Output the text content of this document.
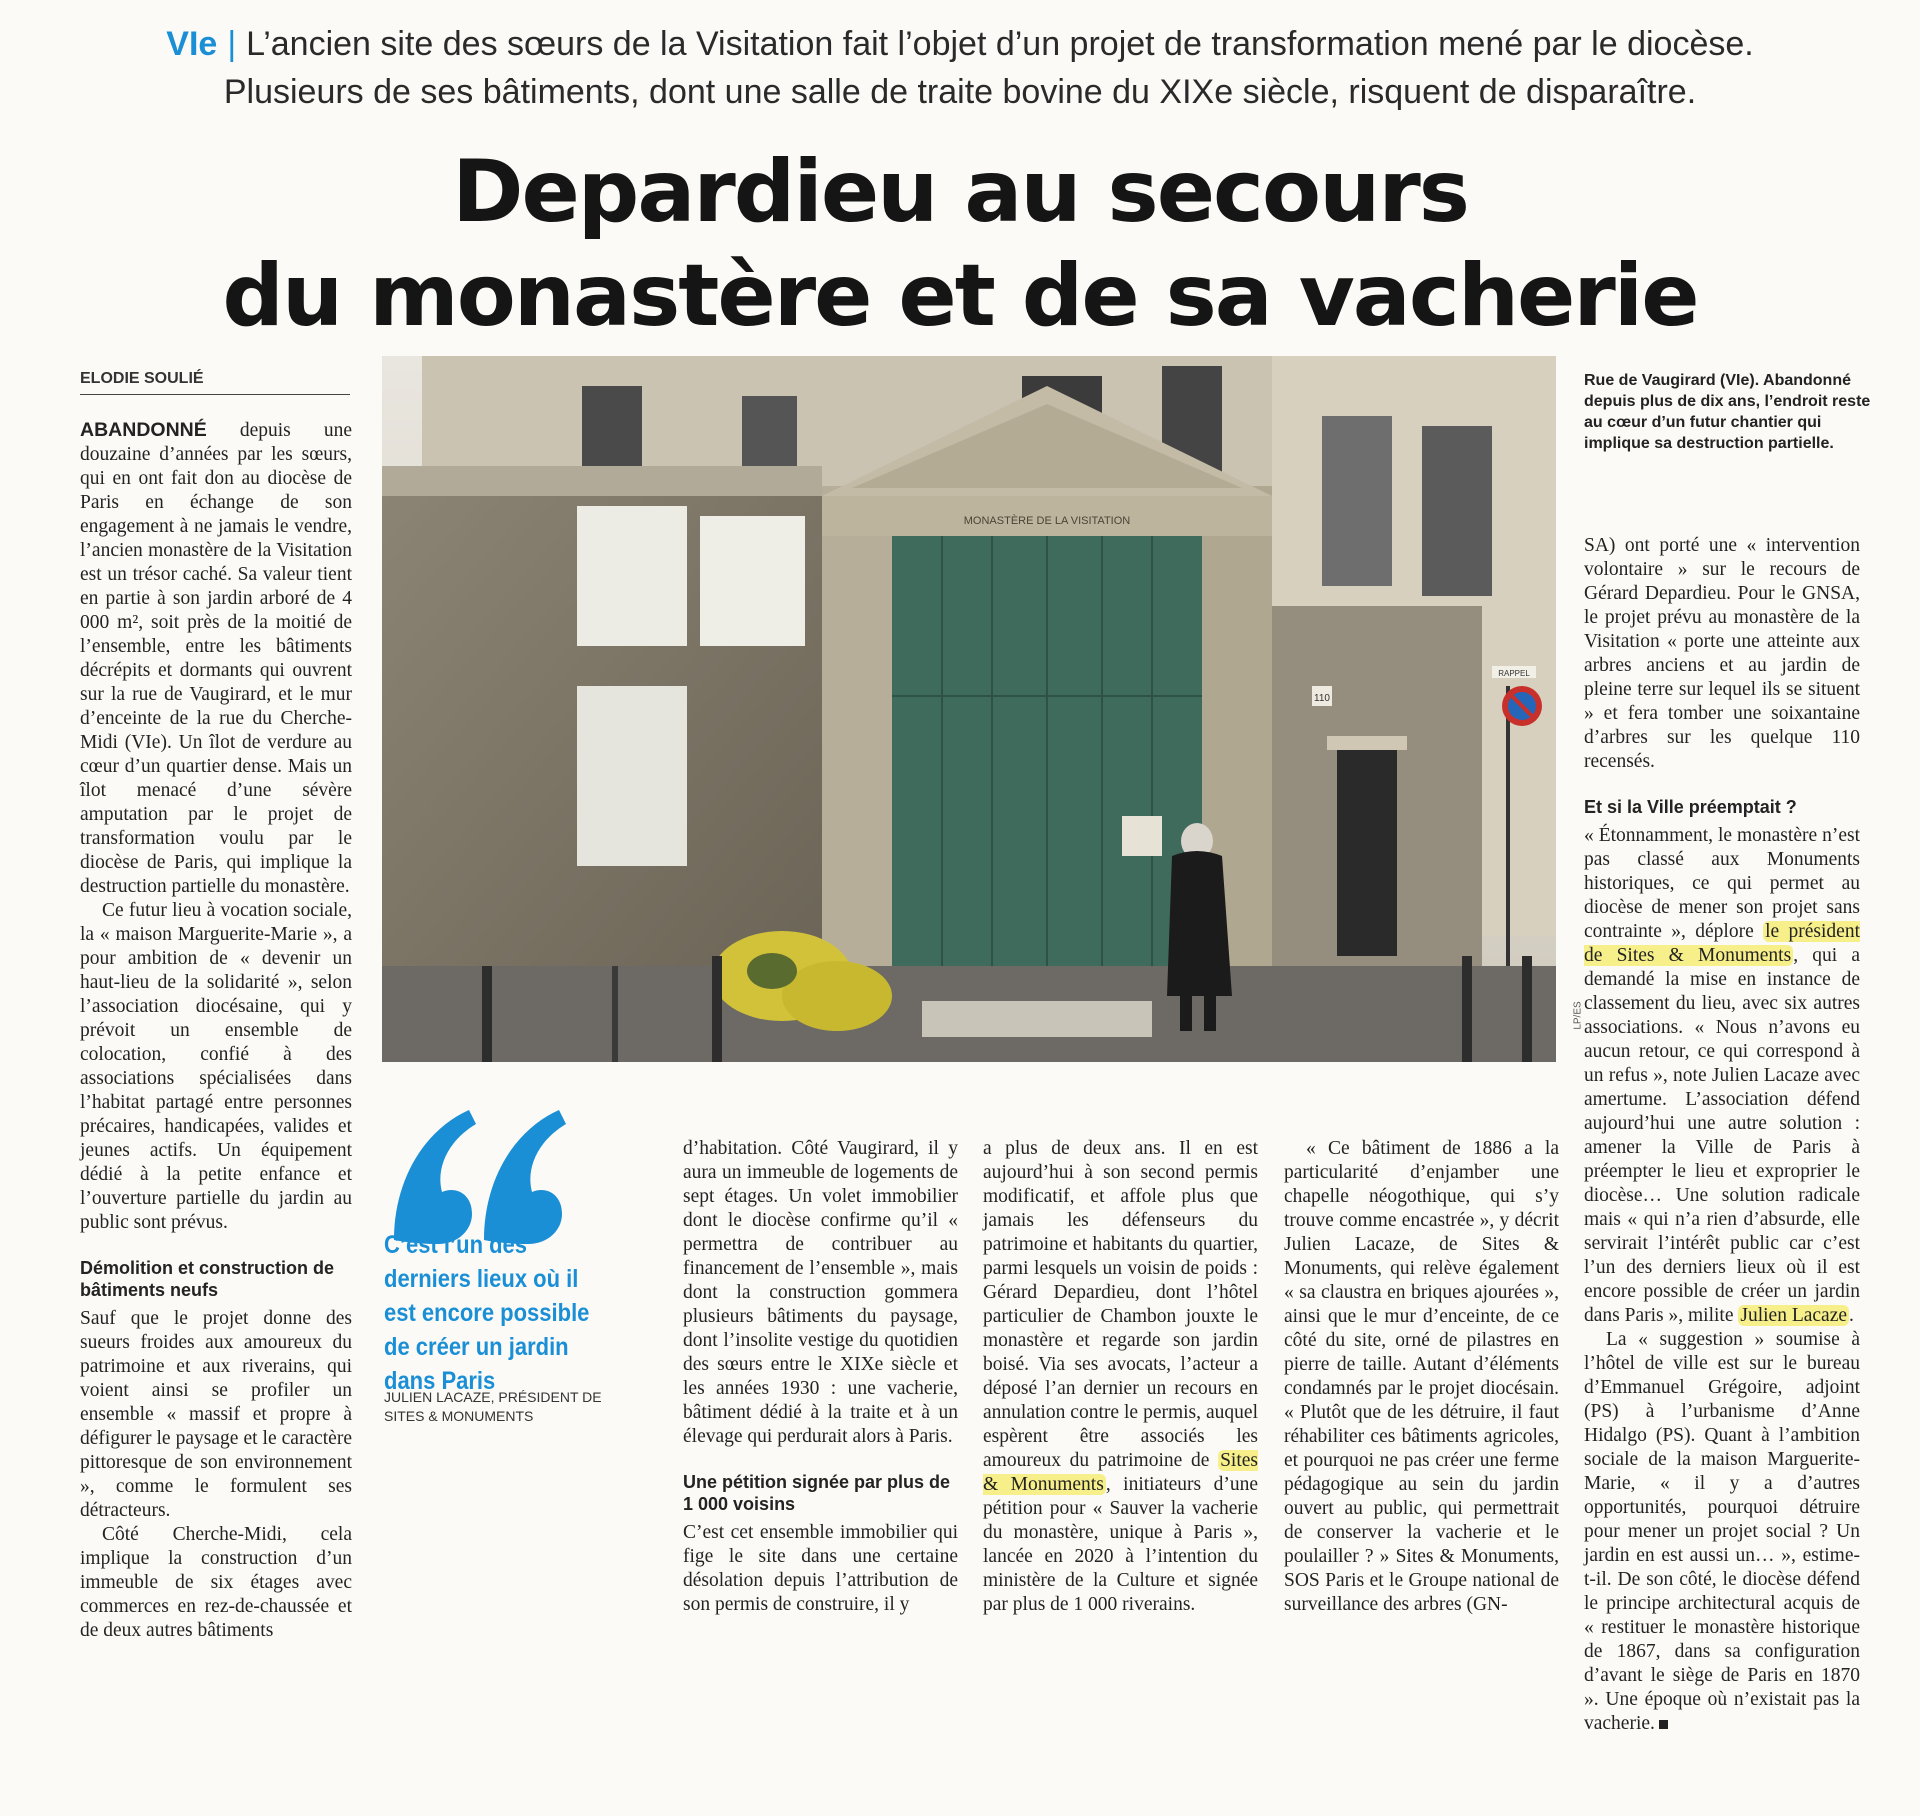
VIe | L’ancien site des sœurs de la Visitation fait l’objet d’un projet de transformation mené par le diocèse.
Plusieurs de ses bâtiments, dont une salle de traite bovine du XIXe siècle, risquent de disparaître.
Depardieu au secours
du monastère et de sa vacherie
ELODIE SOULIÉ

ABANDONNÉ depuis une douzaine d’années par les sœurs, qui en ont fait don au diocèse de Paris en échange de son engagement à ne jamais le vendre, l’ancien monastère de la Visitation est un trésor caché. Sa valeur tient en partie à son jardin arboré de 4 000 m², soit près de la moitié de l’ensemble, entre les bâtiments décrépits et dormants qui ouvrent sur la rue de Vaugirard, et le mur d’enceinte de la rue du Cherche-Midi (VIe). Un îlot de verdure au cœur d’un quartier dense. Mais un îlot menacé d’une sévère amputation par le projet de transformation voulu par le diocèse de Paris, qui implique la destruction partielle du monastère.

Ce futur lieu à vocation sociale, la « maison Marguerite-Marie », a pour ambition de « devenir un haut-lieu de la solidarité », selon l’association diocésaine, qui y prévoit un ensemble de colocation, confié à des associations spécialisées dans l’habitat partagé entre personnes précaires, handicapées, valides et jeunes actifs. Un équipement dédié à la petite enfance et l’ouverture partielle du jardin au public sont prévus.

Démolition et construction de bâtiments neufs

Sauf que le projet donne des sueurs froides aux amoureux du patrimoine et aux riverains, qui voient ainsi se profiler un ensemble « massif et propre à défigurer le paysage et le caractère pittoresque de son environnement », comme le formulent ses détracteurs.

Côté Cherche-Midi, cela implique la construction d’un immeuble de six étages avec commerces en rez-de-chaussée et de deux autres bâtiments

MONASTÈRE DE LA VISITATION
110
RAPPEL
LP/ES
Rue de Vaugirard (VIe). Abandonné depuis plus de dix ans, l’endroit reste au cœur d’un futur chantier qui implique sa destruction partielle.
C’est l’un des derniers lieux où il est encore possible de créer un jardin dans Paris
JULIEN LACAZE, PRÉSIDENT DE SITES & MONUMENTS

d’habitation. Côté Vaugirard, il y aura un immeuble de logements de sept étages. Un volet immobilier dont le diocèse confirme qu’il « permettra de contribuer au financement de l’ensemble », mais dont la construction gommera plusieurs bâtiments du paysage, dont l’insolite vestige du quotidien des sœurs entre le XIXe siècle et les années 1930 : une vacherie, bâtiment dédié à la traite et à un élevage qui perdurait alors à Paris.

Une pétition signée par plus de 1 000 voisins

C’est cet ensemble immobilier qui fige le site dans une certaine désolation depuis l’attribution de son permis de construire, il y

a plus de deux ans. Il en est aujourd’hui à son second permis modificatif, et affole plus que jamais les défenseurs du patrimoine et habitants du quartier, parmi lesquels un voisin de poids : Gérard Depardieu, dont l’hôtel particulier de Chambon jouxte le monastère et regarde son jardin boisé. Via ses avocats, l’acteur a déposé l’an dernier un recours en annulation contre le permis, auquel espèrent être associés les amoureux du patrimoine de Sites & Monuments , initiateurs d’une pétition pour « Sauver la vacherie du monastère, unique à Paris », lancée en 2020 à l’intention du ministère de la Culture et signée par plus de 1 000 riverains.

« Ce bâtiment de 1886 a la particularité d’enjamber une chapelle néogothique, qui s’y trouve comme encastrée », y décrit Julien Lacaze, de Sites & Monuments, qui relève également « sa claustra en briques ajourées », ainsi que le mur d’enceinte, de ce côté du site, orné de pilastres en pierre de taille. Autant d’éléments condamnés par le projet diocésain. « Plutôt que de les détruire, il faut réhabiliter ces bâtiments agricoles, et pourquoi ne pas créer une ferme pédagogique au sein du jardin ouvert au public, qui permettrait de conserver la vacherie et le poulailler ? » Sites & Monuments, SOS Paris et le Groupe national de surveillance des arbres (GN-

SA) ont porté une « intervention volontaire » sur le recours de Gérard Depardieu. Pour le GNSA, le projet prévu au monastère de la Visitation « porte une atteinte aux arbres anciens et au jardin de pleine terre sur lequel ils se situent » et fera tomber une soixantaine d’arbres sur les quelque 110 recensés.

Et si la Ville préemptait ?

« Étonnamment, le monastère n’est pas classé aux Monuments historiques, ce qui permet au diocèse de mener son projet sans contrainte », déplore le président de Sites & Monuments , qui a demandé la mise en instance de classement du lieu, avec six autres associations. « Nous n’avons eu aucun retour, ce qui correspond à un refus », note Julien Lacaze avec amertume. L’association défend aujourd’hui une autre solution : amener la Ville de Paris à préempter le lieu et exproprier le diocèse… Une solution radicale mais « qui n’a rien d’absurde, elle servirait l’intérêt public car c’est l’un des derniers lieux où il est encore possible de créer un jardin dans Paris », milite Julien Lacaze .

La « suggestion » soumise à l’hôtel de ville est sur le bureau d’Emmanuel Grégoire, adjoint (PS) à l’urbanisme d’Anne Hidalgo (PS). Quant à l’ambition sociale de la maison Marguerite-Marie, « il y a d’autres opportunités, pourquoi détruire pour mener un projet social ? Un jardin en est aussi un… », estime-t-il. De son côté, le diocèse défend le principe architectural acquis de « restituer le monastère historique de 1867, dans sa configuration d’avant le siège de Paris en 1870 ». Une époque où n’existait pas la vacherie.
